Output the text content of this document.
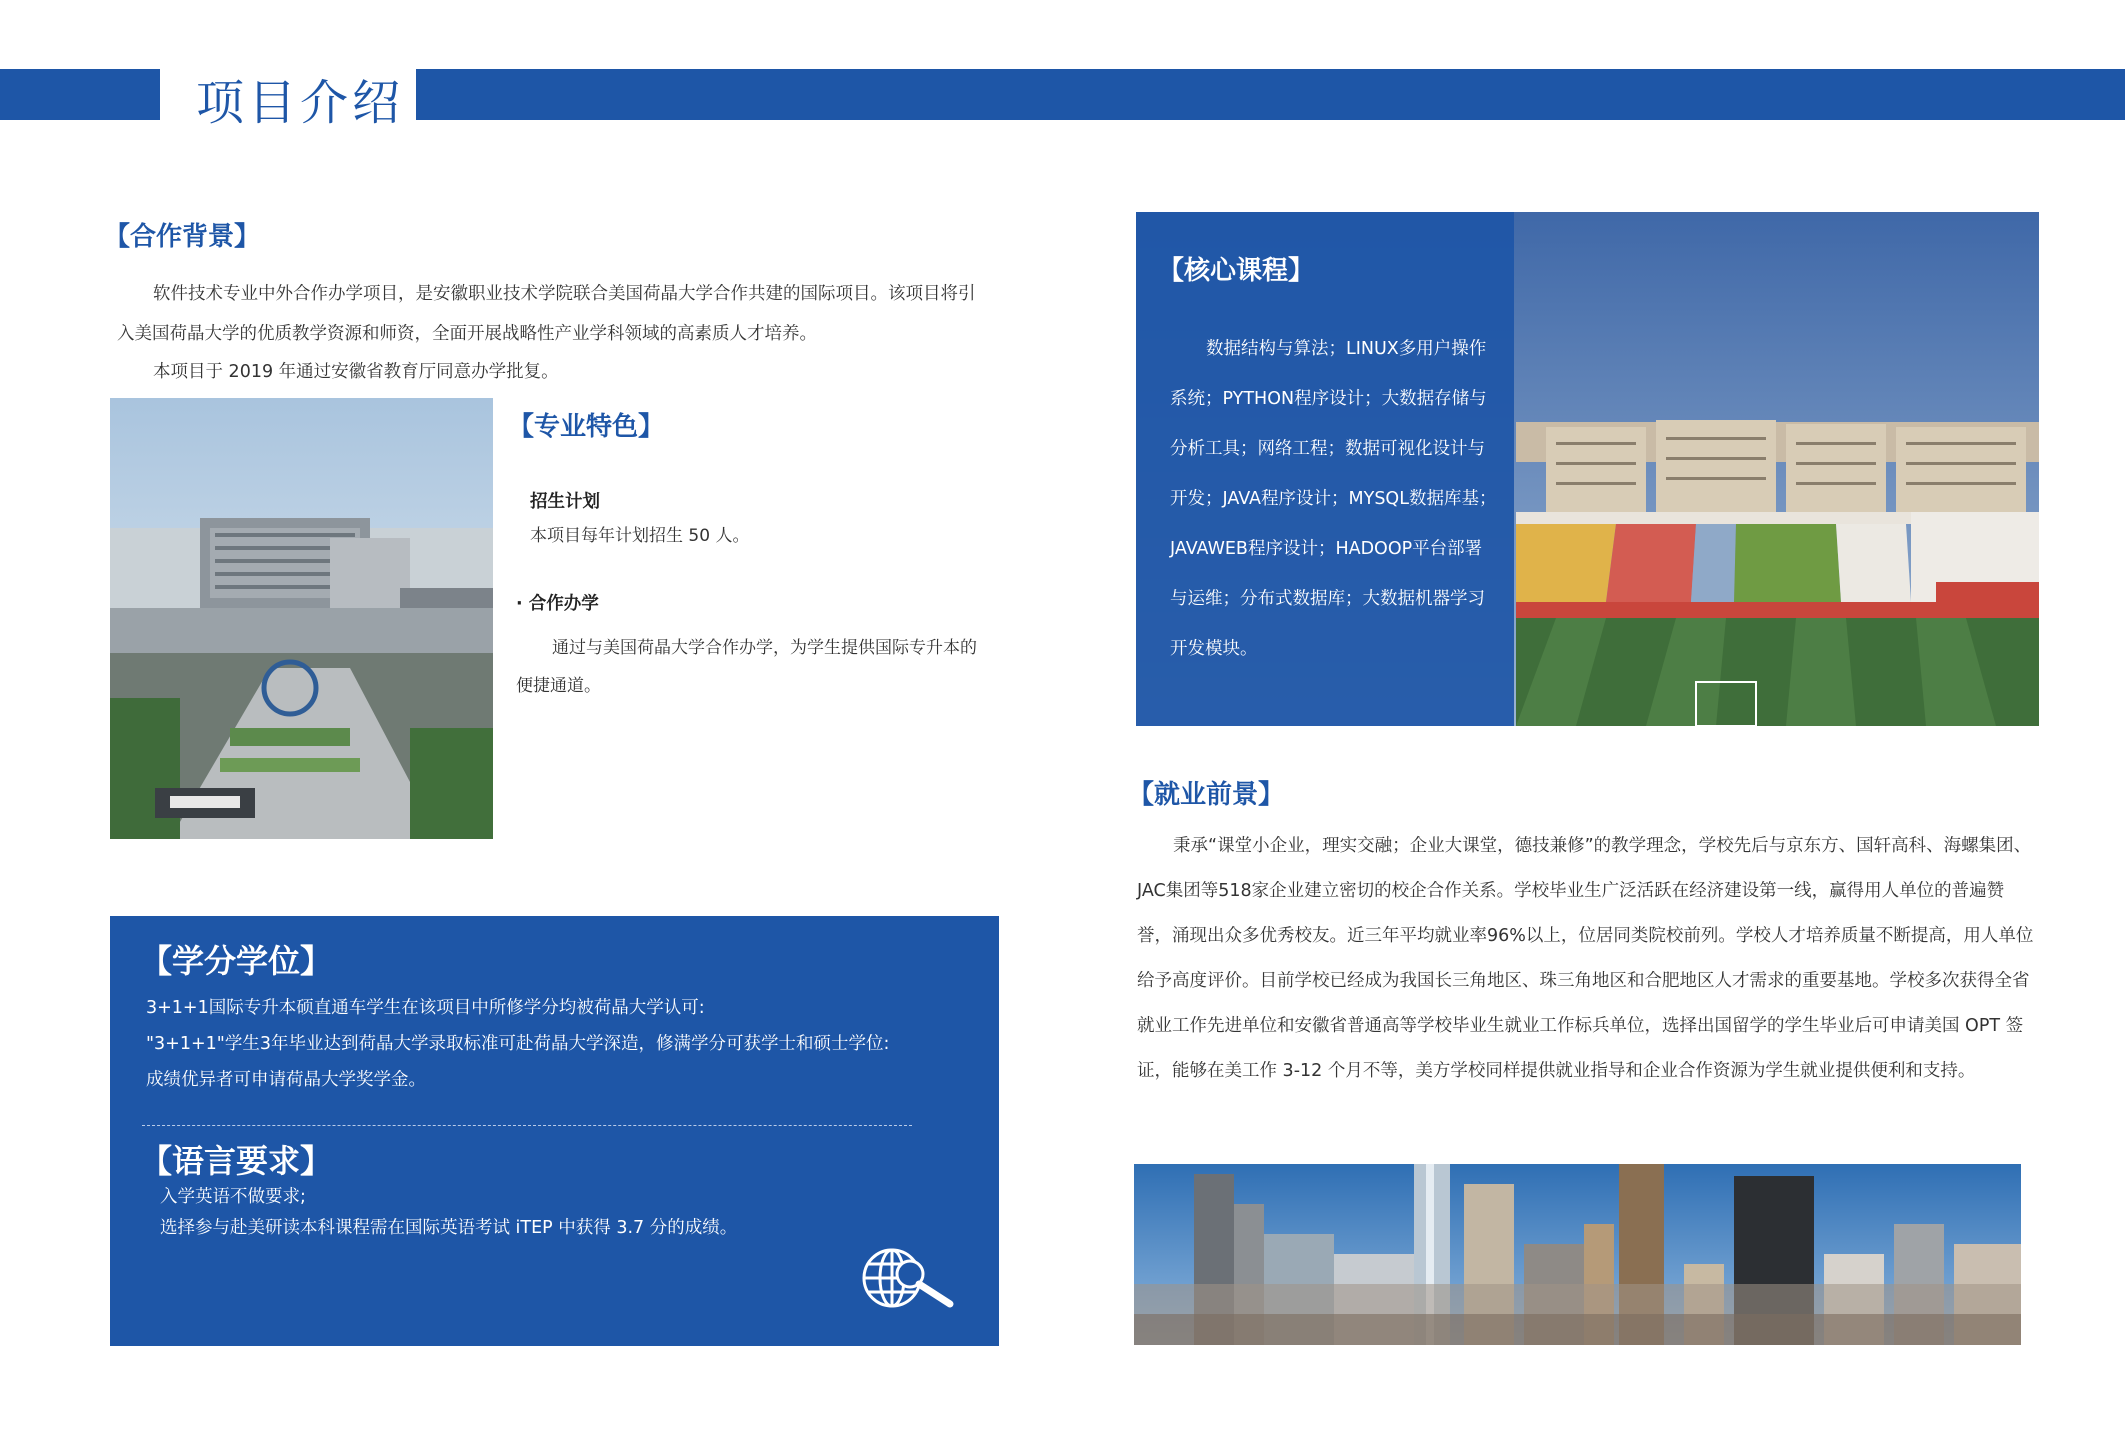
项目介绍
【合作背景】

软件技术专业中外合作办学项目，是安徽职业技术学院联合美国荷晶大学合作共建的国际项目。该项目将引入美国荷晶大学的优质教学资源和师资，全面开展战略性产业学科领域的高素质人才培养。

本项目于 2019 年通过安徽省教育厅同意办学批复。

【专业特色】

招生计划

本项目每年计划招生 50 人。

· 合作办学

通过与美国荷晶大学合作办学，为学生提供国际专升本的便捷通道。

【学分学位】

3+1+1国际专升本硕直通车学生在该项目中所修学分均被荷晶大学认可:

"3+1+1"学生3年毕业达到荷晶大学录取标准可赴荷晶大学深造，修满学分可获学士和硕士学位:

成绩优异者可申请荷晶大学奖学金。

【语言要求】

入学英语不做要求;

选择参与赴美研读本科课程需在国际英语考试 iTEP 中获得 3.7 分的成绩。

【核心课程】
数据结构与算法；LINUX多用户操作系统；PYTHON程序设计；大数据存储与分析工具；网络工程；数据可视化设计与开发；JAVA程序设计；MYSQL数据库基；JAVAWEB程序设计；HADOOP平台部署与运维；分布式数据库；大数据机器学习开发模块。
【就业前景】

秉承“课堂小企业，理实交融；企业大课堂，德技兼修”的教学理念，学校先后与京东方、国轩高科、海螺集团、JAC集团等518家企业建立密切的校企合作关系。学校毕业生广泛活跃在经济建设第一线，赢得用人单位的普遍赞誉，涌现出众多优秀校友。近三年平均就业率96%以上，位居同类院校前列。学校人才培养质量不断提高，用人单位给予高度评价。目前学校已经成为我国长三角地区、珠三角地区和合肥地区人才需求的重要基地。学校多次获得全省就业工作先进单位和安徽省普通高等学校毕业生就业工作标兵单位，选择出国留学的学生毕业后可申请美国 OPT 签证，能够在美工作 3-12 个月不等，美方学校同样提供就业指导和企业合作资源为学生就业提供便利和支持。
